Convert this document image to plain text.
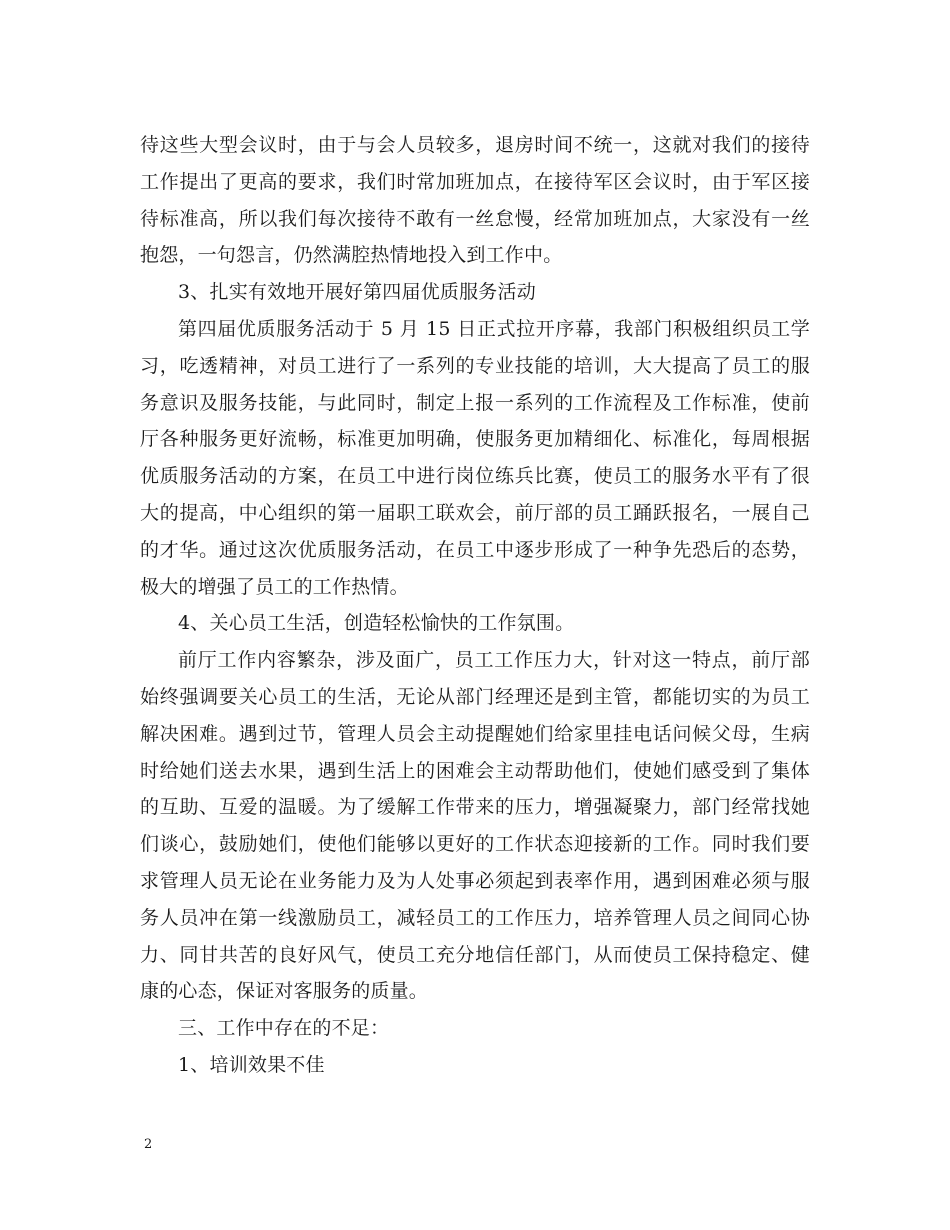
待这些大型会议时，由于与会人员较多，退房时间不统一，这就对我们的接待工作提出了更高的要求，我们时常加班加点，在接待军区会议时，由于军区接待标准高，所以我们每次接待不敢有一丝怠慢，经常加班加点，大家没有一丝抱怨，一句怨言，仍然满腔热情地投入到工作中。

3、扎实有效地开展好第四届优质服务活动

第四届优质服务活动于 5 月 15 日正式拉开序幕，我部门积极组织员工学习，吃透精神，对员工进行了一系列的专业技能的培训，大大提高了员工的服务意识及服务技能，与此同时，制定上报一系列的工作流程及工作标准，使前厅各种服务更好流畅，标准更加明确，使服务更加精细化、标准化，每周根据优质服务活动的方案，在员工中进行岗位练兵比赛，使员工的服务水平有了很大的提高，中心组织的第一届职工联欢会，前厅部的员工踊跃报名，一展自己的才华。通过这次优质服务活动，在员工中逐步形成了一种争先恐后的态势，极大的增强了员工的工作热情。

4、关心员工生活，创造轻松愉快的工作氛围。

前厅工作内容繁杂，涉及面广，员工工作压力大，针对这一特点，前厅部始终强调要关心员工的生活，无论从部门经理还是到主管，都能切实的为员工解决困难。遇到过节，管理人员会主动提醒她们给家里挂电话问候父母，生病时给她们送去水果，遇到生活上的困难会主动帮助他们，使她们感受到了集体的互助、互爱的温暖。为了缓解工作带来的压力，增强凝聚力，部门经常找她们谈心，鼓励她们，使他们能够以更好的工作状态迎接新的工作。同时我们要求管理人员无论在业务能力及为人处事必须起到表率作用，遇到困难必须与服务人员冲在第一线激励员工，减轻员工的工作压力，培养管理人员之间同心协力、同甘共苦的良好风气，使员工充分地信任部门，从而使员工保持稳定、健康的心态，保证对客服务的质量。

三、工作中存在的不足：

1、培训效果不佳

2
